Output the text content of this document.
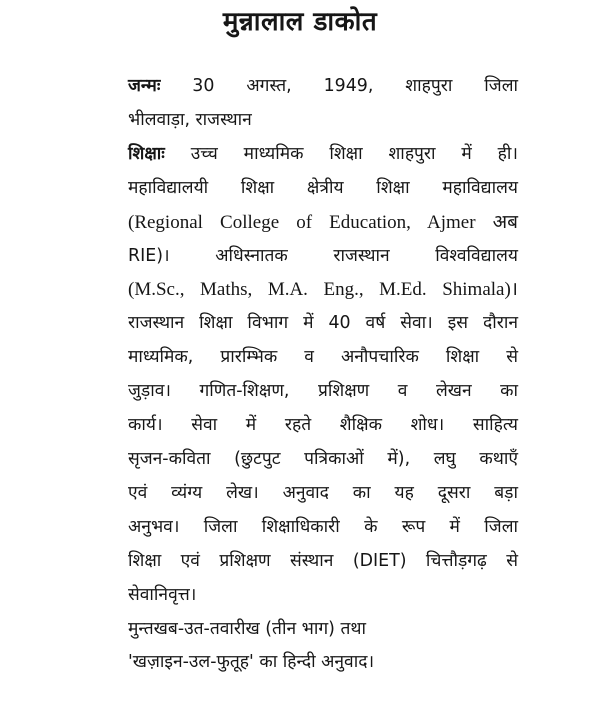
मुन्नालाल डाकोत
जन्मः 30 अगस्त, 1949, शाहपुरा जिला
भीलवाड़ा, राजस्थान
शिक्षाः उच्च माध्यमिक शिक्षा शाहपुरा में ही।
महाविद्यालयी शिक्षा क्षेत्रीय शिक्षा महाविद्यालय
(Regional College of Education, Ajmer अब
RIE)। अधिस्नातक राजस्थान विश्वविद्यालय
(M.Sc., Maths, M.A. Eng., M.Ed. Shimala)।
राजस्थान शिक्षा विभाग में 40 वर्ष सेवा। इस दौरान
माध्यमिक, प्रारम्भिक व अनौपचारिक शिक्षा से
जुड़ाव। गणित-शिक्षण, प्रशिक्षण व लेखन का
कार्य। सेवा में रहते शैक्षिक शोध। साहित्य
सृजन-कविता (छुटपुट पत्रिकाओं में), लघु कथाएँ
एवं व्यंग्य लेख। अनुवाद का यह दूसरा बड़ा
अनुभव। जिला शिक्षाधिकारी के रूप में जिला
शिक्षा एवं प्रशिक्षण संस्थान (DIET) चित्तौड़गढ़ से
सेवानिवृत्त।
मुन्तखब-उत-तवारीख (तीन भाग) तथा
'खज़ाइन-उल-फुतूह' का हिन्दी अनुवाद।
